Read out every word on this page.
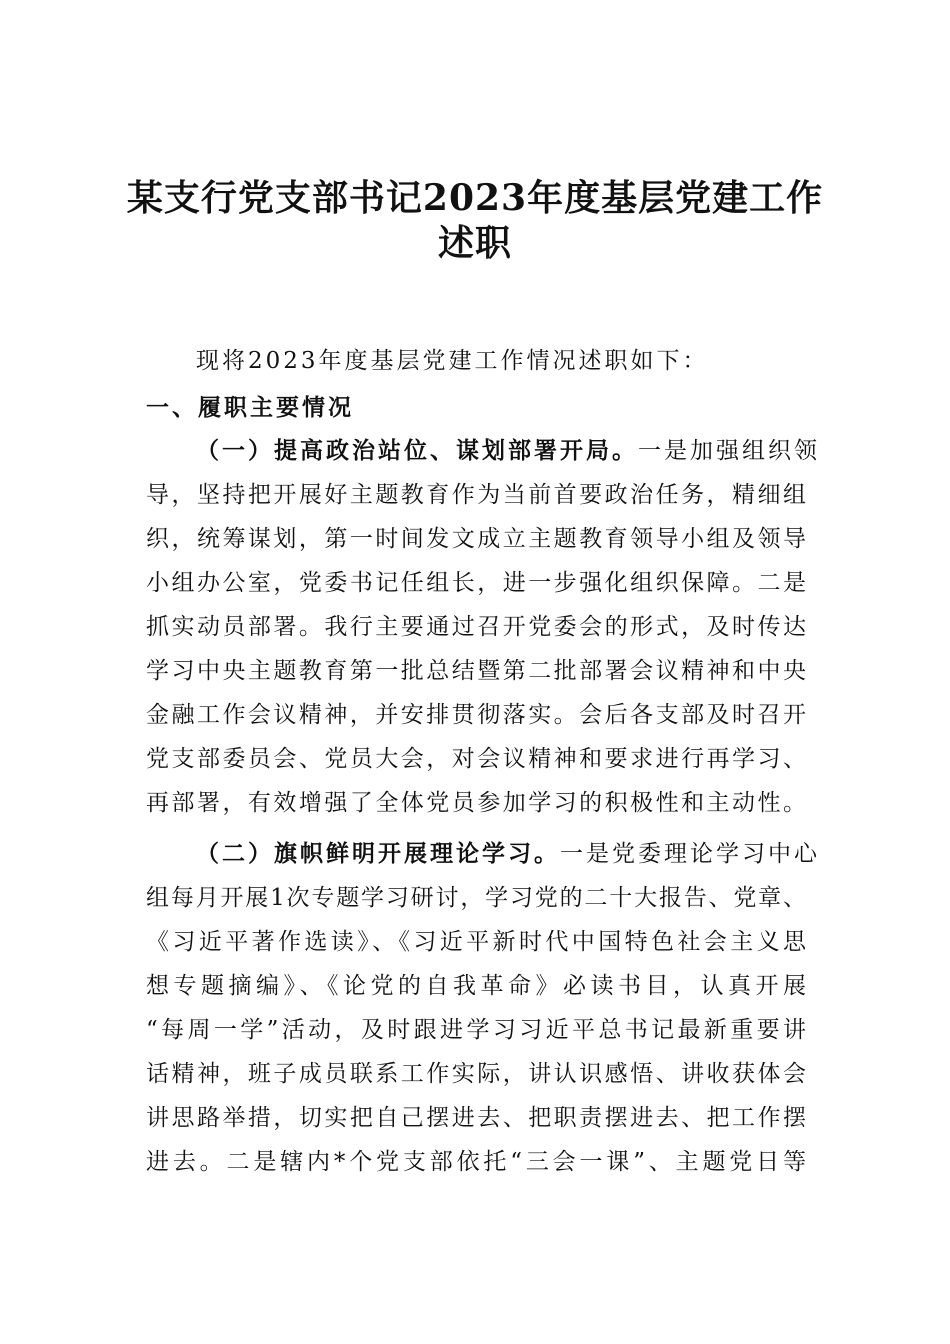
某支行党支部书记2023年度基层党建工作
述职
现将2023年度基层党建工作情况述职如下：
一、履职主要情况
（一）提高政治站位、谋划部署开局。一是加强组织领
导，坚持把开展好主题教育作为当前首要政治任务，精细组
织，统筹谋划，第一时间发文成立主题教育领导小组及领导
小组办公室，党委书记任组长，进一步强化组织保障。二是
抓实动员部署。我行主要通过召开党委会的形式，及时传达
学习中央主题教育第一批总结暨第二批部署会议精神和中央
金融工作会议精神，并安排贯彻落实。会后各支部及时召开
党支部委员会、党员大会，对会议精神和要求进行再学习、
再部署，有效增强了全体党员参加学习的积极性和主动性。
（二）旗帜鲜明开展理论学习。一是党委理论学习中心
组每月开展1次专题学习研讨，学习党的二十大报告、党章、
《习近平著作选读》、《习近平新时代中国特色社会主义思
想专题摘编》、《论党的自我革命》必读书目，认真开展
“每周一学”活动，及时跟进学习习近平总书记最新重要讲
话精神，班子成员联系工作实际，讲认识感悟、讲收获体会
讲思路举措，切实把自己摆进去、把职责摆进去、把工作摆
进去。二是辖内*个党支部依托“三会一课”、主题党日等
